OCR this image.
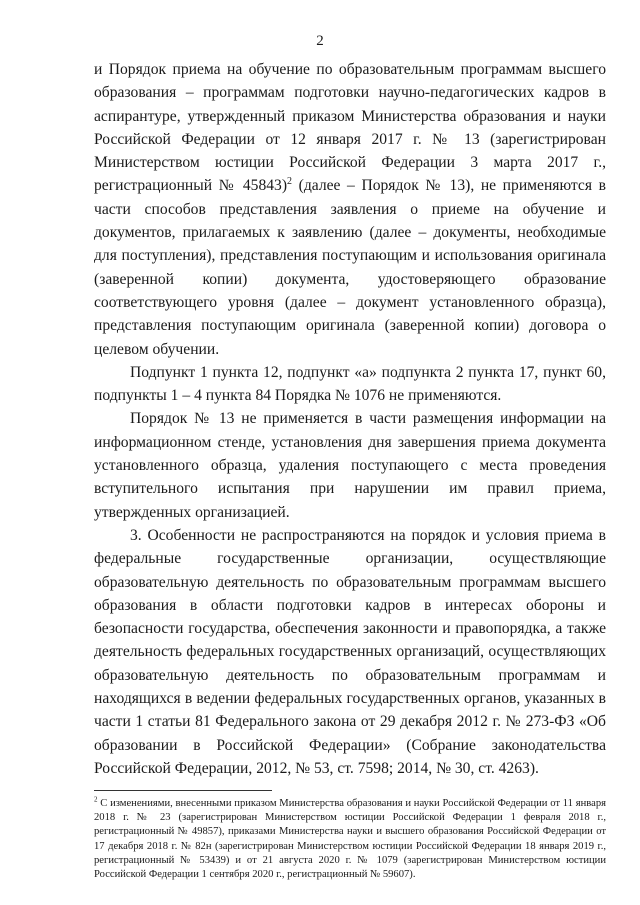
2

и Порядок приема на обучение по образовательным программам высшего образования – программам подготовки научно-педагогических кадров в аспирантуре, утвержденный приказом Министерства образования и науки Российской Федерации от 12 января 2017 г. № 13 (зарегистрирован Министерством юстиции Российской Федерации 3 марта 2017 г., регистрационный № 45843)$^2$ (далее – Порядок № 13), не применяются в части способов представления заявления о приеме на обучение и документов, прилагаемых к заявлению (далее – документы, необходимые для поступления), представления поступающим и использования оригинала (заверенной копии) документа, удостоверяющего образование соответствующего уровня (далее – документ установленного образца), представления поступающим оригинала (заверенной копии) договора о целевом обучении.

Подпункт 1 пункта 12, подпункт «а» подпункта 2 пункта 17, пункт 60, подпункты 1 – 4 пункта 84 Порядка № 1076 не применяются.

Порядок № 13 не применяется в части размещения информации на информационном стенде, установления дня завершения приема документа установленного образца, удаления поступающего с места проведения вступительного испытания при нарушении им правил приема, утвержденных организацией.

3. Особенности не распространяются на порядок и условия приема в федеральные государственные организации, осуществляющие образовательную деятельность по образовательным программам высшего образования в области подготовки кадров в интересах обороны и безопасности государства, обеспечения законности и правопорядка, а также деятельность федеральных государственных организаций, осуществляющих образовательную деятельность по образовательным программам и находящихся в ведении федеральных государственных органов, указанных в части 1 статьи 81 Федерального закона от 29 декабря 2012 г. № 273-ФЗ «Об образовании в Российской Федерации» (Собрание законодательства Российской Федерации, 2012, № 53, ст. 7598; 2014, № 30, ст. 4263).

$^2$ С изменениями, внесенными приказом Министерства образования и науки Российской Федерации от 11 января 2018 г. № 23 (зарегистрирован Министерством юстиции Российской Федерации 1 февраля 2018 г., регистрационный № 49857), приказами Министерства науки и высшего образования Российской Федерации от 17 декабря 2018 г. № 82н (зарегистрирован Министерством юстиции Российской Федерации 18 января 2019 г., регистрационный № 53439) и от 21 августа 2020 г. № 1079 (зарегистрирован Министерством юстиции Российской Федерации 1 сентября 2020 г., регистрационный № 59607).
